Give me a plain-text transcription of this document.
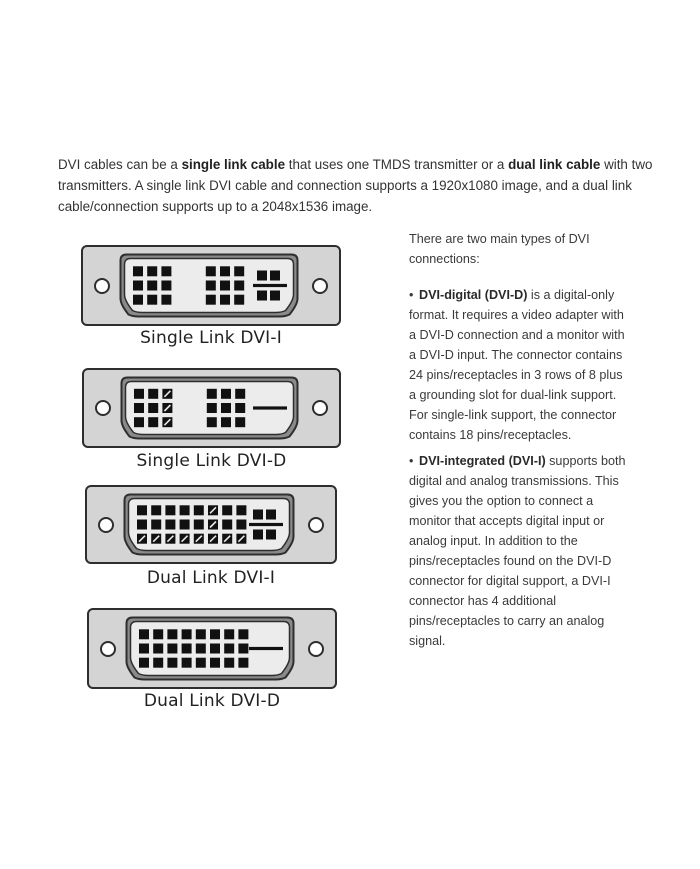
DVI cables can be a single link cable that uses one TMDS transmitter or a dual link cable with two transmitters. A single link DVI cable and connection supports a 1920x1080 image, and a dual link cable/connection supports up to a 2048x1536 image.
Single Link DVI-I
Single Link DVI-D
Dual Link DVI-I
Dual Link DVI-D

There are two main types of DVI connections:

• DVI-digital (DVI-D) is a digital-only format. It requires a video adapter with a DVI-D connection and a monitor with a DVI-D input. The connector contains 24 pins/receptacles in 3 rows of 8 plus a grounding slot for dual-link support. For single-link support, the connector contains 18 pins/receptacles.

• DVI-integrated (DVI-I) supports both digital and analog transmissions. This gives you the option to connect a monitor that accepts digital input or analog input. In addition to the pins/receptacles found on the DVI-D connector for digital support, a DVI-I connector has 4 additional pins/receptacles to carry an analog signal.
